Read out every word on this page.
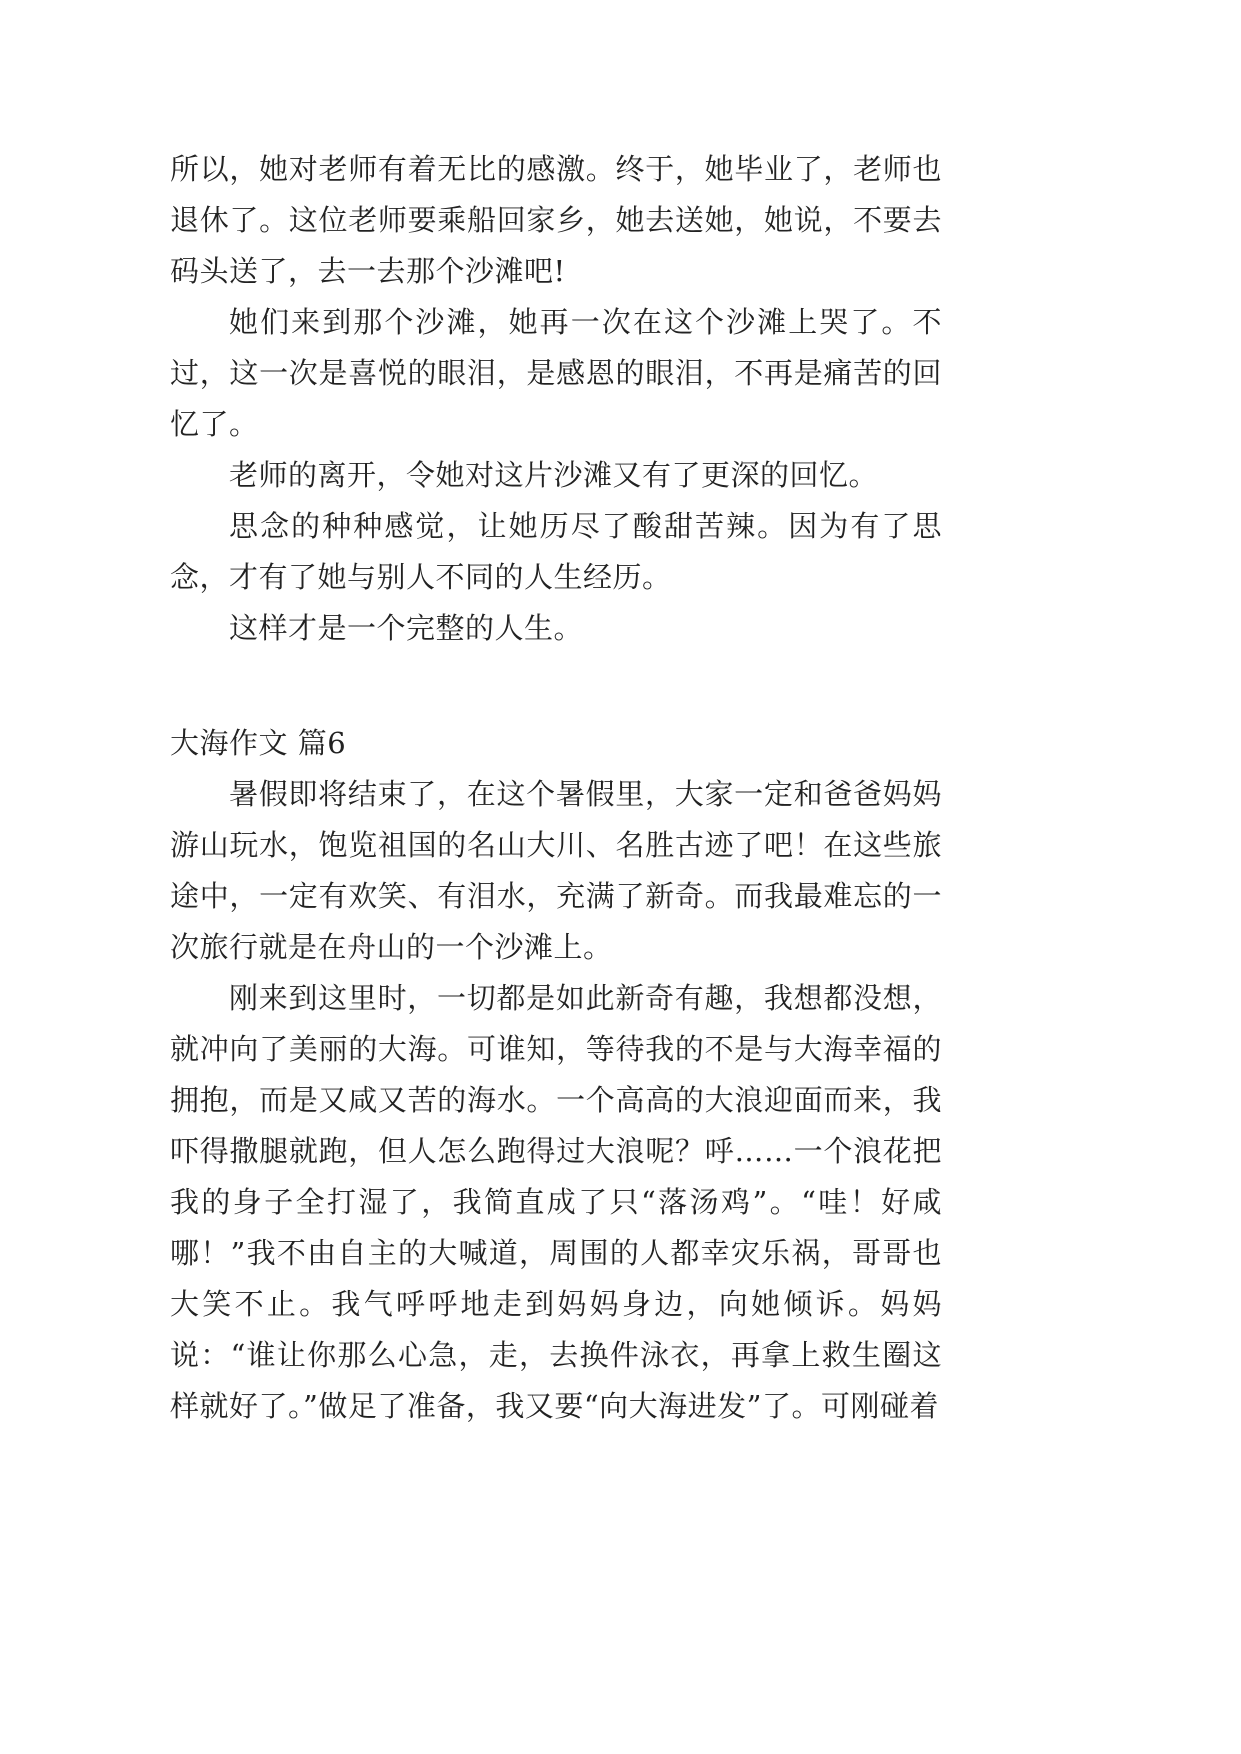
所以，她对老师有着无比的感激。终于，她毕业了，老师也退休了。这位老师要乘船回家乡，她去送她，她说，不要去码头送了，去一去那个沙滩吧!

她们来到那个沙滩，她再一次在这个沙滩上哭了。不过，这一次是喜悦的眼泪，是感恩的眼泪，不再是痛苦的回忆了。

老师的离开，令她对这片沙滩又有了更深的回忆。

思念的种种感觉，让她历尽了酸甜苦辣。因为有了思念，才有了她与别人不同的人生经历。

这样才是一个完整的人生。

大海作文 篇6

暑假即将结束了，在这个暑假里，大家一定和爸爸妈妈游山玩水，饱览祖国的名山大川、名胜古迹了吧！在这些旅途中，一定有欢笑、有泪水，充满了新奇。而我最难忘的一次旅行就是在舟山的一个沙滩上。

刚来到这里时，一切都是如此新奇有趣，我想都没想，就冲向了美丽的大海。可谁知，等待我的不是与大海幸福的拥抱，而是又咸又苦的海水。一个高高的大浪迎面而来，我吓得撒腿就跑，但人怎么跑得过大浪呢？呼……一个浪花把我的身子全打湿了，我简直成了只“落汤鸡”。“哇！好咸哪！”我不由自主的大喊道，周围的人都幸灾乐祸，哥哥也大笑不止。我气呼呼地走到妈妈身边，向她倾诉。妈妈说：“谁让你那么心急，走，去换件泳衣，再拿上救生圈这样就好了。”做足了准备，我又要“向大海进发”了。可刚碰着
